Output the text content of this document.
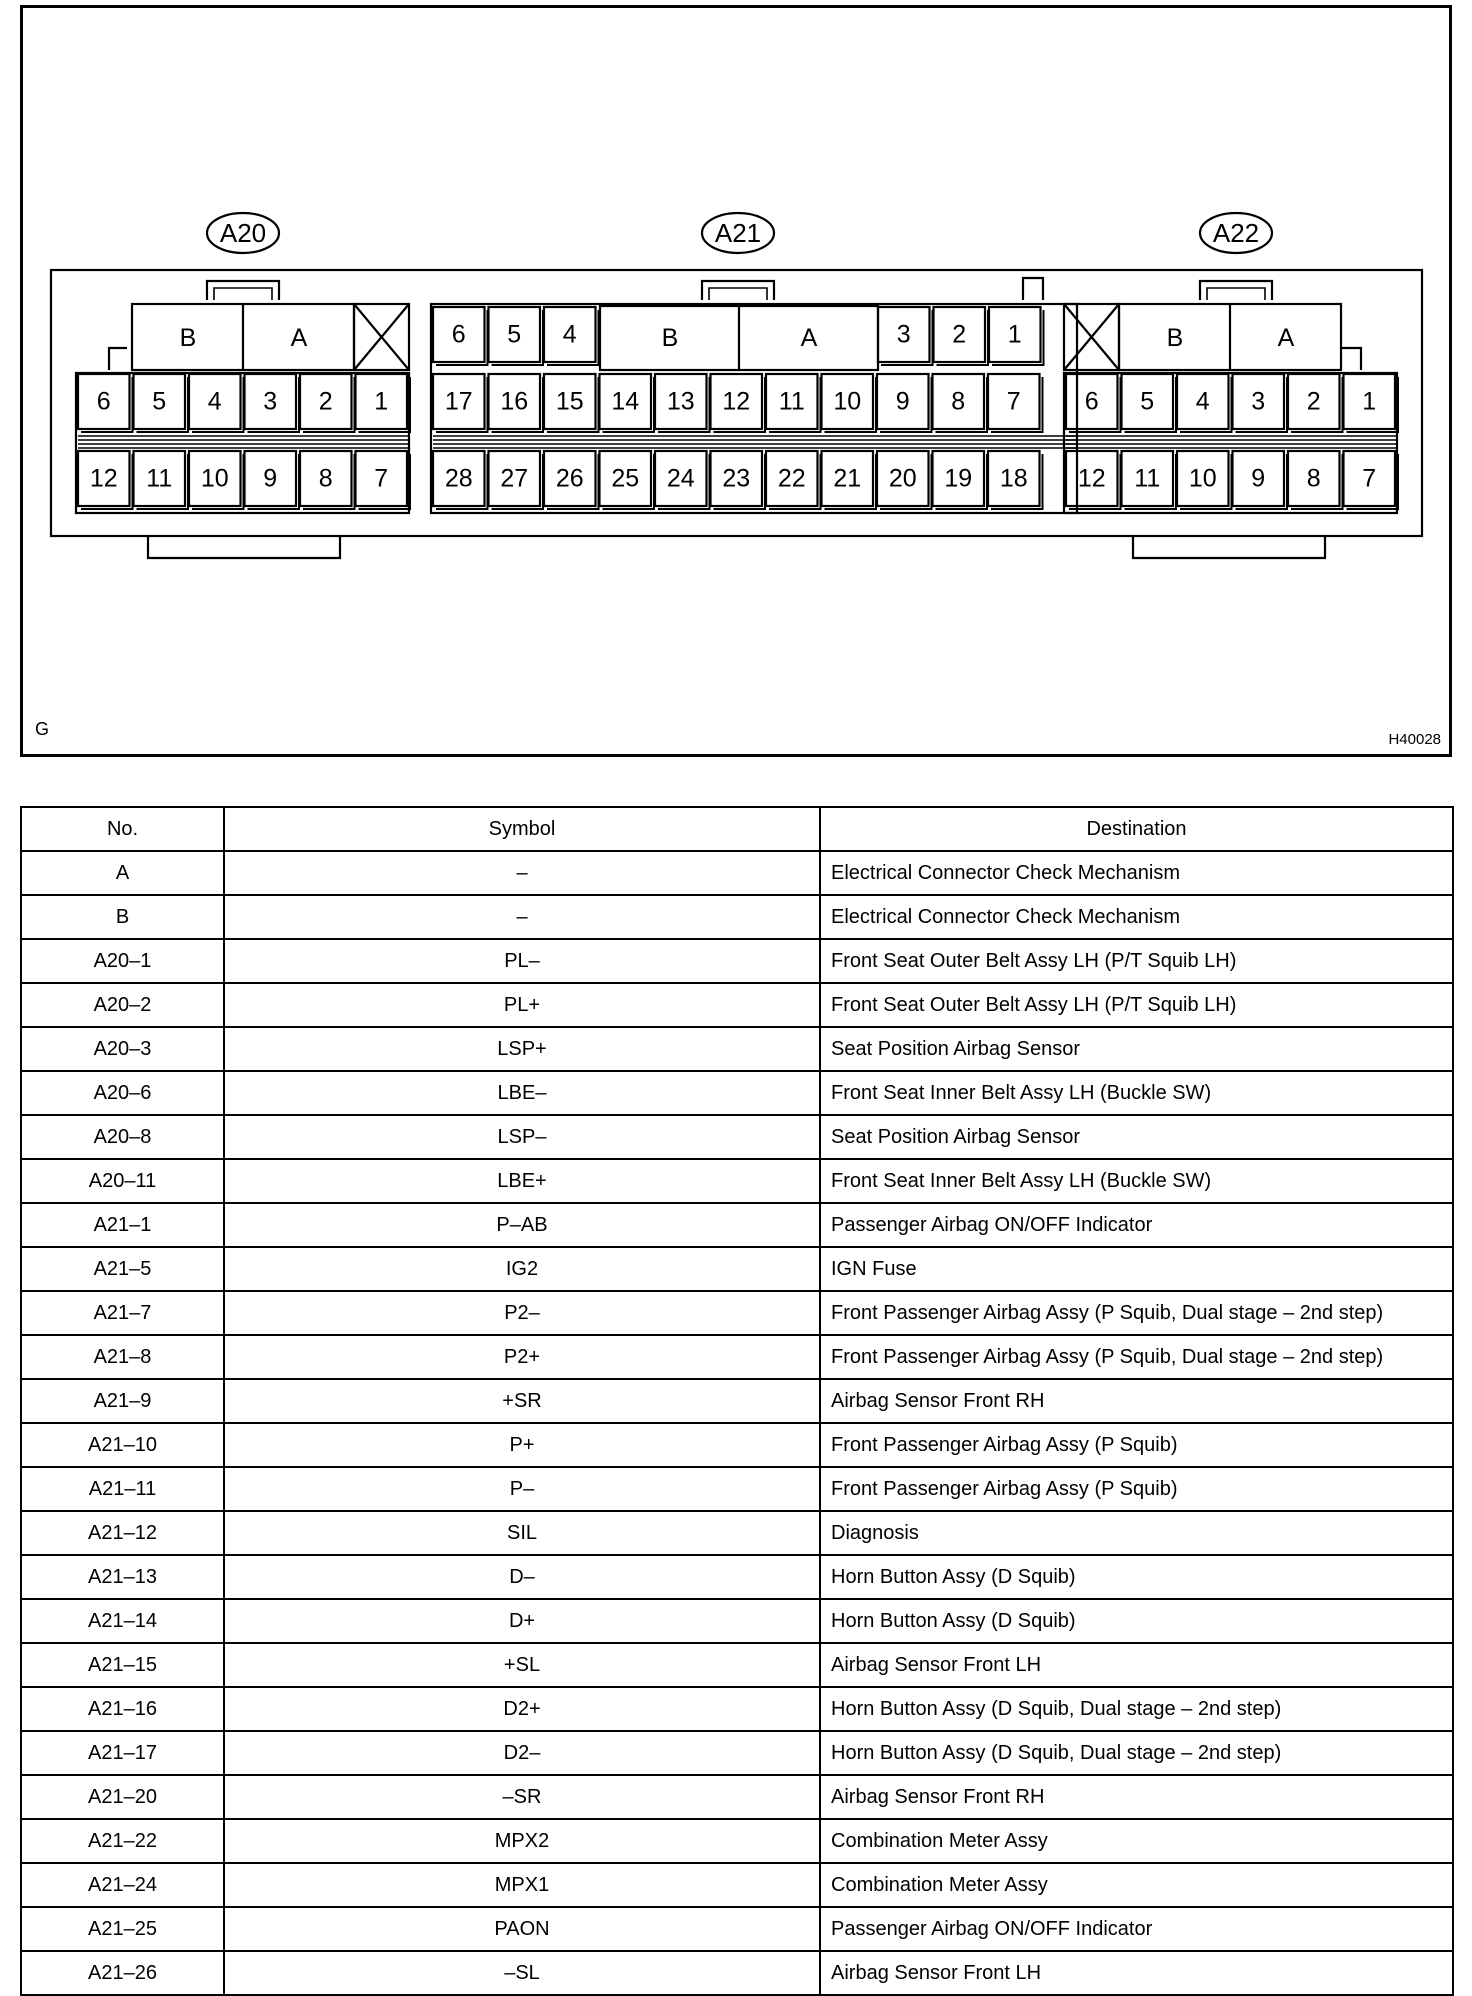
A20
B	A
6 5 4 3 2 1
12 11 10 9 8 7
A21
6 5 4	B	A	3 2 1
17 16 15 14 13 12 11 10 9 8 7
28 27 26 25 24 23 22 21 20 19 18
A22
B	A
6 5 4 3 2 1
12 11 10 9 8 7
G
H40028
No.	Symbol	Destination
A	–	Electrical Connector Check Mechanism
B	–	Electrical Connector Check Mechanism
A20–1	PL–	Front Seat Outer Belt Assy LH (P/T Squib LH)
A20–2	PL+	Front Seat Outer Belt Assy LH (P/T Squib LH)
A20–3	LSP+	Seat Position Airbag Sensor
A20–6	LBE–	Front Seat Inner Belt Assy LH (Buckle SW)
A20–8	LSP–	Seat Position Airbag Sensor
A20–11	LBE+	Front Seat Inner Belt Assy LH (Buckle SW)
A21–1	P–AB	Passenger Airbag ON/OFF Indicator
A21–5	IG2	IGN Fuse
A21–7	P2–	Front Passenger Airbag Assy (P Squib, Dual stage – 2nd step)
A21–8	P2+	Front Passenger Airbag Assy (P Squib, Dual stage – 2nd step)
A21–9	+SR	Airbag Sensor Front RH
A21–10	P+	Front Passenger Airbag Assy (P Squib)
A21–11	P–	Front Passenger Airbag Assy (P Squib)
A21–12	SIL	Diagnosis
A21–13	D–	Horn Button Assy (D Squib)
A21–14	D+	Horn Button Assy (D Squib)
A21–15	+SL	Airbag Sensor Front LH
A21–16	D2+	Horn Button Assy (D Squib, Dual stage – 2nd step)
A21–17	D2–	Horn Button Assy (D Squib, Dual stage – 2nd step)
A21–20	–SR	Airbag Sensor Front RH
A21–22	MPX2	Combination Meter Assy
A21–24	MPX1	Combination Meter Assy
A21–25	PAON	Passenger Airbag ON/OFF Indicator
A21–26	–SL	Airbag Sensor Front LH
